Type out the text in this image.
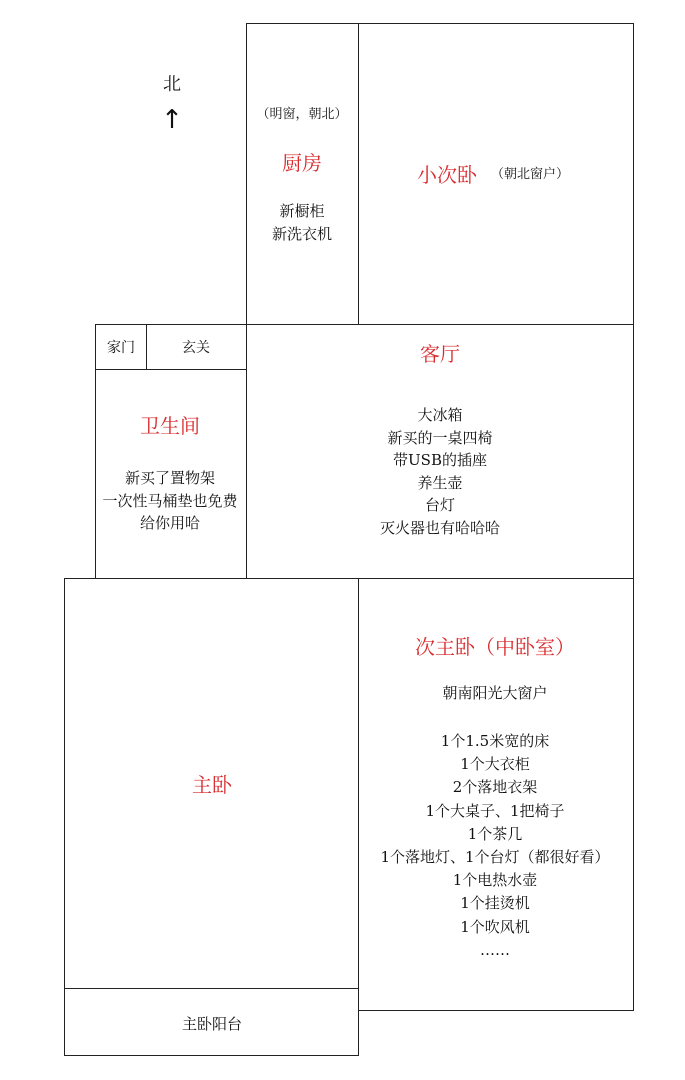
北
↑	（明窗，朝北）
厨房
新橱柜
新洗衣机
小次卧 （朝北窗户）
家门	玄关	客厅
大冰箱
新买的一桌四椅
带USB的插座
养生壶
台灯
灭火器也有哈哈哈
卫生间
新买了置物架
一次性马桶垫也免费
给你用哈
主卧
主卧阳台
次主卧（中卧室）
朝南阳光大窗户
1个1.5米宽的床
1个大衣柜
2个落地衣架
1个大桌子、1把椅子
1个茶几
1个落地灯、1个台灯（都很好看）
1个电热水壶
1个挂烫机
1个吹风机
……
